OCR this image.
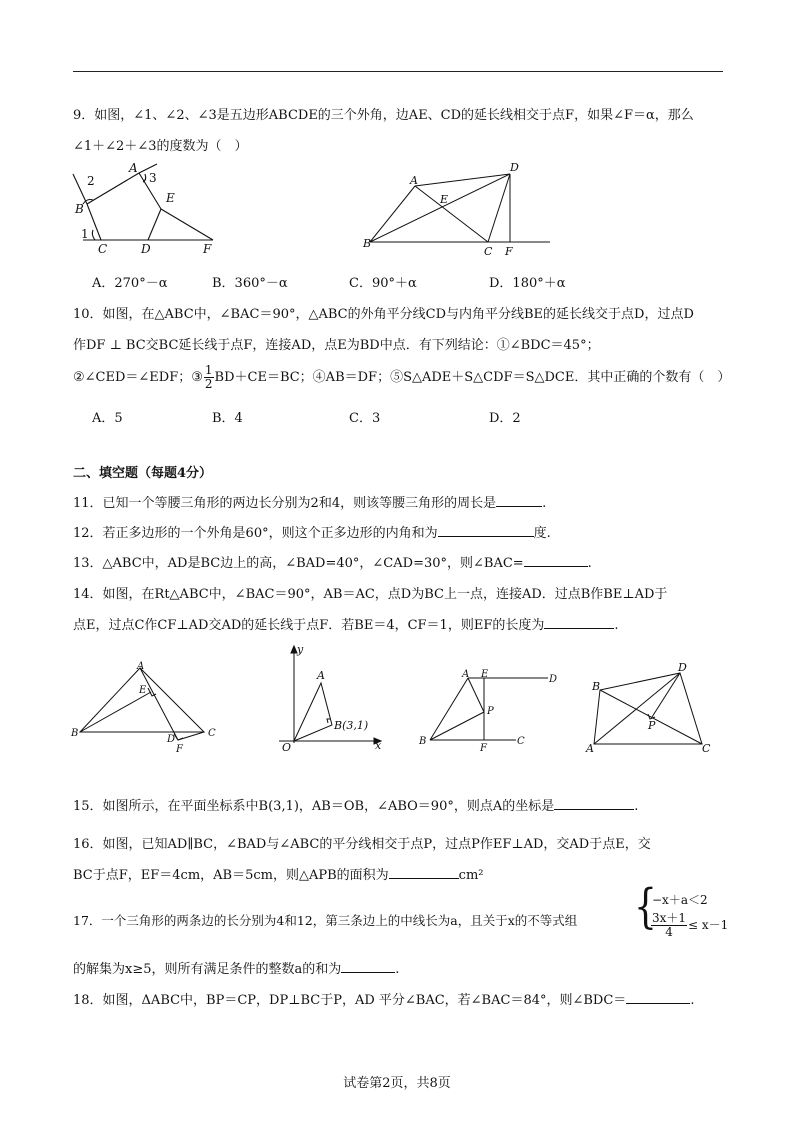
9．如图，∠1、∠2、∠3是五边形ABCDE的三个外角，边AE、CD的延长线相交于点F，如果∠F＝α，那么
∠1＋∠2＋∠3的度数为（　）
A
B
C	D
E
F
2	3
1
A
B
C
D
E
F
A．270°－α	B．360°－α	C．90°＋α	D．180°＋α
10．如图，在△ABC中，∠BAC＝90°，△ABC的外角平分线CD与内角平分线BE的延长线交于点D，过点D
作DF ⊥ BC交BC延长线于点F，连接AD，点E为BD中点．有下列结论：①∠BDC＝45°；
②∠CED＝∠EDF；③ $\frac{1}{2} BD+CE=BC$；④AB＝DF；⑤S△ADE＋S△CDF＝S△DCE．其中正确的个数有（　）
A．5	B．4	C．3	D．2
二、填空题（每题4分）
11．已知一个等腰三角形的两边长分别为2和4，则该等腰三角形的周长是	.
12．若正多边形的一个外角是60°，则这个正多边形的内角和为	度.
13．△ABC中，AD是BC边上的高，∠BAD=40°，∠CAD=30°，则∠BAC=	.
14．如图，在Rt△ABC中，∠BAC＝90°，AB＝AC，点D为BC上一点，连接AD．过点B作BE⊥AD于
点E，过点C作CF⊥AD交AD的延长线于点F．若BE＝4，CF＝1，则EF的长度为	.
A
B	C
D
E
F
y
x
O
A
B(3,1)
A E	D
P
B
F
C
D
B
P
A	C
15．如图所示，在平面坐标系中B(3,1)，AB＝OB，∠ABO＝90°，则点A的坐标是	.
16．如图，已知AD∥BC，∠BAD与∠ABC的平分线相交于点P，过点P作EF⊥AD，交AD于点E，交
BC于点F，EF＝4cm，AB＝5cm，则△APB的面积为	cm²
17．一个三角形的两条边的长分别为4和12，第三条边上的中线长为a，且关于x的不等式组 {
−x＋a＜2
$\frac{3x+1}{4} \le x-1$
的解集为x≥5，则所有满足条件的整数a的和为	.
18．如图，ΔABC中，BP＝CP，DP⊥BC于P，AD 平分∠BAC，若∠BAC＝84°，则∠BDC＝	.
试卷第2页，共8页
